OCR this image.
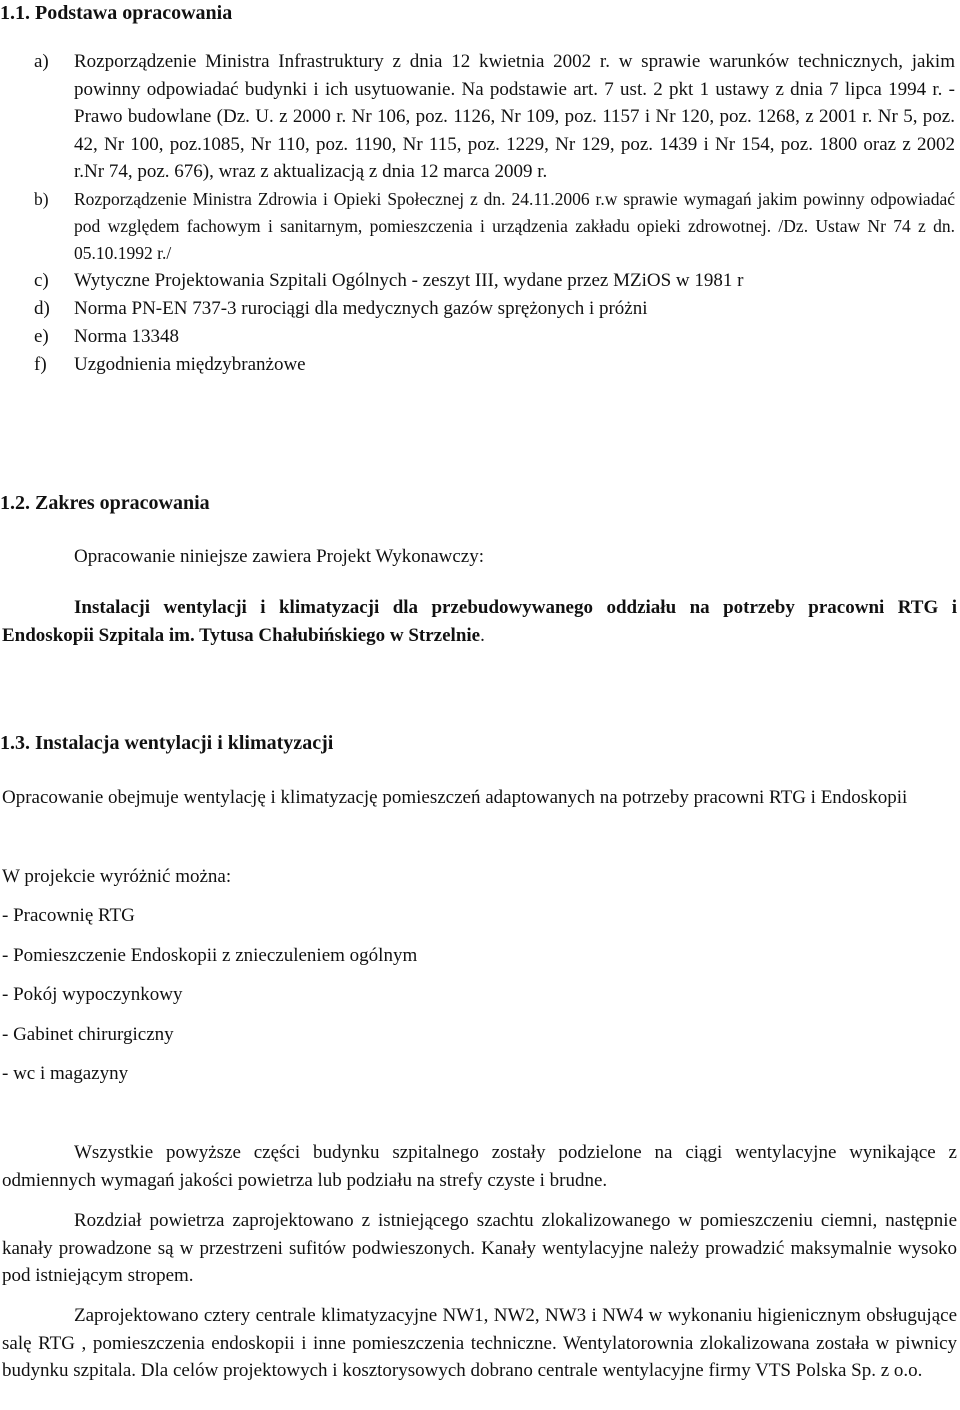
1.1. Podstawa opracowania
a) Rozporządzenie Ministra Infrastruktury z dnia 12 kwietnia 2002 r. w sprawie warunków technicznych, jakim powinny odpowiadać budynki i ich usytuowanie. Na podstawie art. 7 ust. 2 pkt 1 ustawy z dnia 7 lipca 1994 r. - Prawo budowlane (Dz. U. z 2000 r. Nr 106, poz. 1126, Nr 109, poz. 1157 i Nr 120, poz. 1268, z 2001 r. Nr 5, poz. 42, Nr 100, poz.1085, Nr 110, poz. 1190, Nr 115, poz. 1229, Nr 129, poz. 1439 i Nr 154, poz. 1800 oraz z 2002 r.Nr 74, poz. 676), wraz z aktualizacją z dnia 12 marca 2009 r.
b) Rozporządzenie Ministra Zdrowia i Opieki Społecznej z dn. 24.11.2006 r.w sprawie wymagań jakim powinny odpowiadać pod względem fachowym i sanitarnym, pomieszczenia i urządzenia zakładu opieki zdrowotnej. /Dz. Ustaw Nr 74 z dn. 05.10.1992 r./
c) Wytyczne Projektowania Szpitali Ogólnych - zeszyt III, wydane przez MZiOS w 1981 r
d) Norma PN-EN 737-3 rurociągi dla medycznych gazów sprężonych i próżni
e) Norma 13348
f) Uzgodnienia międzybranżowe
1.2. Zakres opracowania

Opracowanie niniejsze zawiera Projekt Wykonawczy:

Instalacji wentylacji i klimatyzacji dla przebudowywanego oddziału na potrzeby pracowni RTG i Endoskopii Szpitala im. Tytusa Chałubińskiego w Strzelnie.

1.3. Instalacja wentylacji i klimatyzacji

Opracowanie obejmuje wentylację i klimatyzację pomieszczeń adaptowanych na potrzeby pracowni RTG i Endoskopii

W projekcie wyróżnić można:

- Pracownię RTG
- Pomieszczenie Endoskopii z znieczuleniem ogólnym
- Pokój wypoczynkowy
- Gabinet chirurgiczny
- wc i magazyny

Wszystkie powyższe części budynku szpitalnego zostały podzielone na ciągi wentylacyjne wynikające z odmiennych wymagań jakości powietrza lub podziału na strefy czyste i brudne.

Rozdział powietrza zaprojektowano z istniejącego szachtu zlokalizowanego w pomieszczeniu ciemni, następnie kanały prowadzone są w przestrzeni sufitów podwieszonych. Kanały wentylacyjne należy prowadzić maksymalnie wysoko pod istniejącym stropem.

Zaprojektowano cztery centrale klimatyzacyjne NW1, NW2, NW3 i NW4 w wykonaniu higienicznym obsługujące salę RTG , pomieszczenia endoskopii i inne pomieszczenia techniczne. Wentylatorownia zlokalizowana została w piwnicy budynku szpitala. Dla celów projektowych i kosztorysowych dobrano centrale wentylacyjne firmy VTS Polska Sp. z o.o.
